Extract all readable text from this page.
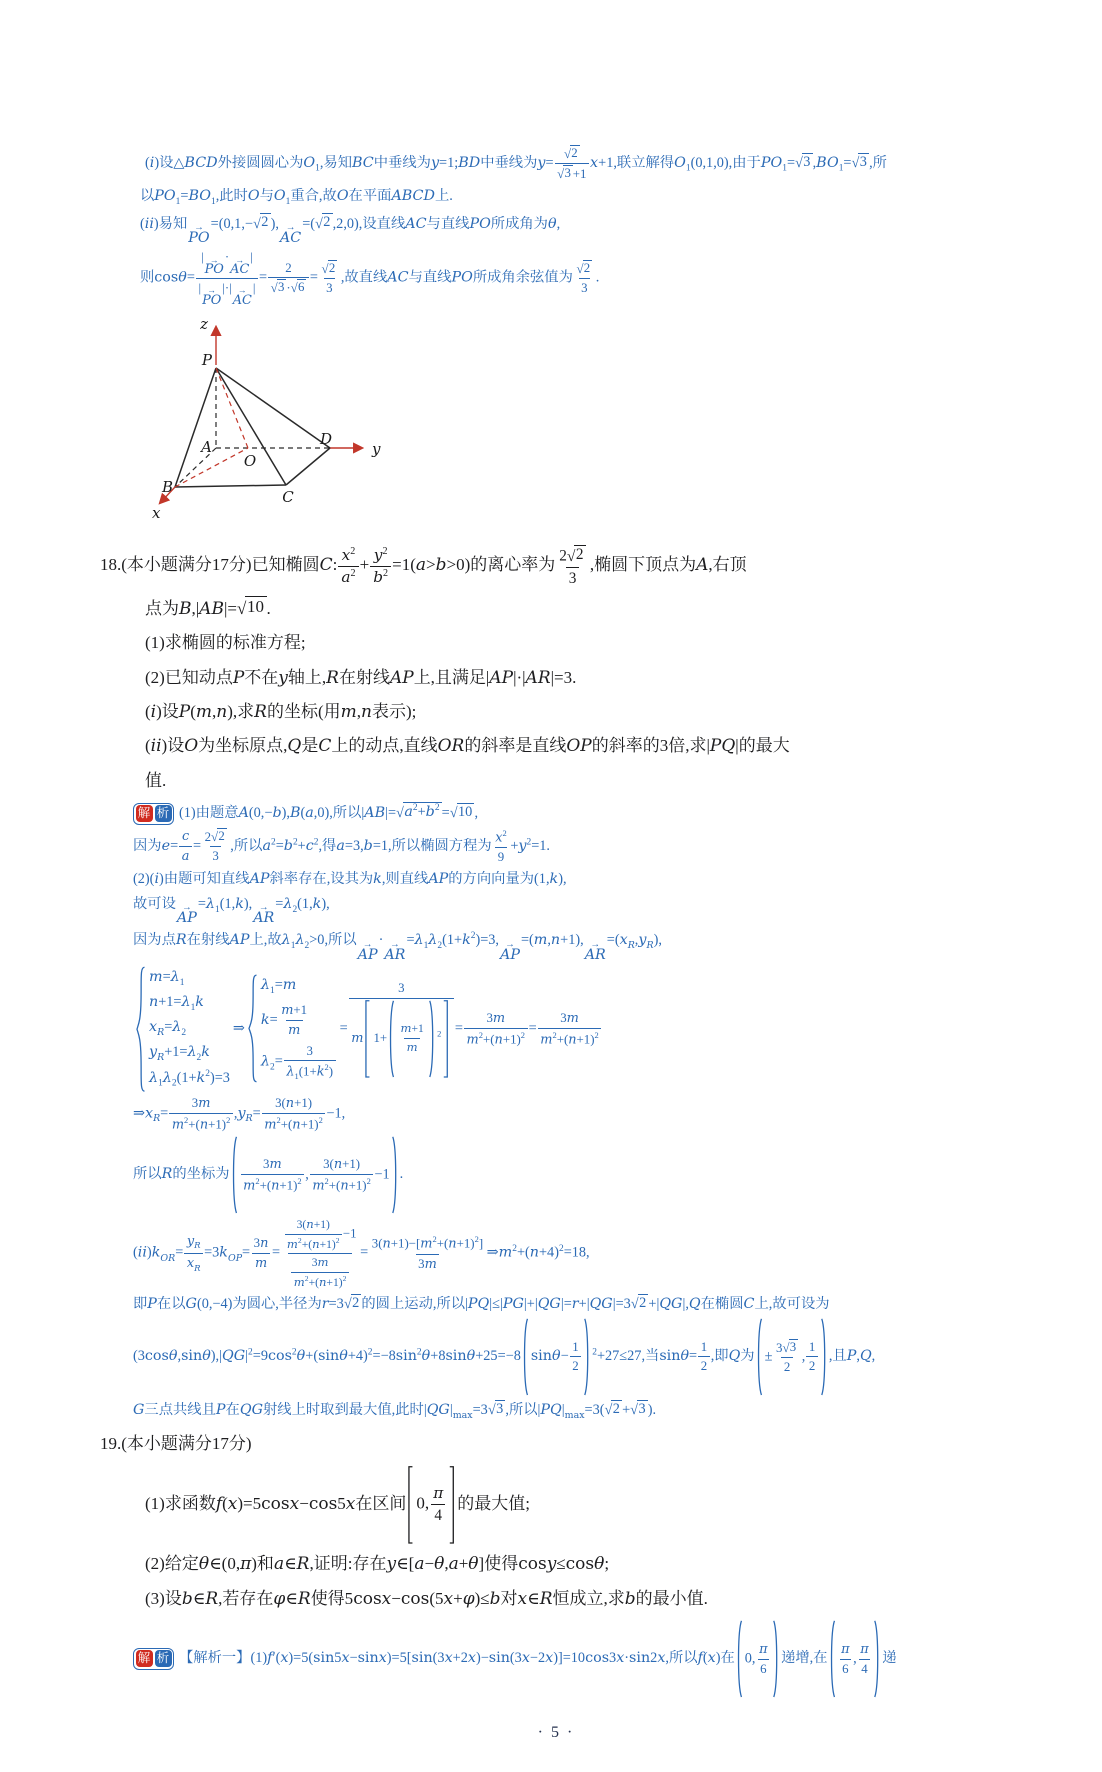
(i)设△BCD外接圆圆心为$O_1$,易知BC中垂线为y=1;BD中垂线为$y= \frac{√ 2}{√ 3 +1} x+1$,联立解得$O_1(0,1,0)$,由于$PO_1=$ √ 3 $,BO_1=$ √ 3 ,所
以$PO_1=BO_1$,此时O与$O_1$重合,故O在平面ABCD上.
(ii)易知 →
PO
=(0,1,− √ 2 ), →
AC
=( √ 2 ,2,0),设直线AC与直线PO所成角为θ,
则cosθ= | →
PO
· →
AC
|
| →
PO
|·| →
AC
| = $\frac{2}{√ 3 \cdot √ 6} = \frac{√ 2}{3}$ ,故直线AC与直线PO所成角余弦值为 $\frac{√ 2}{3}$ .
z
P
A
B
C
D
O
y
x
18.(本小题满分17分)已知椭圆C: $\frac{x^2}{a^2} + \frac{y^2}{b^2} =1(a>b>0)$的离心率为 $\frac{2 √ 2}{3}$ ,椭圆下顶点为A,右顶
点为B,|AB|= √ 10 .
(1)求椭圆的标准方程;
(2)已知动点P不在y轴上,R在射线AP上,且满足|AP|·|AR|=3.
(i)设P(m,n),求R的坐标(用m,n表示);
(ii)设O为坐标原点,Q是C上的动点,直线OR的斜率是直线OP的斜率的3倍,求|PQ|的最大
值.
解 析 (1)由题意A(0,−b),B(a,0),所以|AB|= √ $a^2+b^2$ = √ 10 ,
因为$e= \frac{c}{a} = \frac{2 √ 2}{3}$ ,所以$a^2=b^2+c^2$,得a=3,b=1,所以椭圆方程为 $\frac{x^2}{9} +y^2=1$.
(2)(i)由题可知直线AP斜率存在,设其为k,则直线AP的方向向量为(1,k),
故可设 →
AP
$=\lambda_1(1,k)$, →
AR
$=\lambda_2(1,k)$,
因为点R在射线AP上,故$\lambda_1\lambda_2>0$,所以 →
AP
· →
AR
$=\lambda_1\lambda_2(1+k^2)=3$, →
AP
=(m,n+1), →
AR
$=(x_R,y_R)$,
$m=\lambda_1$
$n+1=\lambda_1k$
$x_R=\lambda_2$
$y_R+1=\lambda_2k$
$\lambda_1\lambda_2(1+k^2)=3$
⇒
$\lambda_1=m$
$k= \frac{m+1}{m}$
$\lambda_2= \frac{3}{\lambda_1(1+k^2)}$
= $\frac{3}{m 1+ \frac{m+1}{m} ^2} = \frac{3m}{m^2+(n+1)^2} = \frac{3m}{m^2+(n+1)^2}$
$\Rightarrow x_R= \frac{3m}{m^2+(n+1)^2} ,y_R= \frac{3(n+1)}{m^2+(n+1)^2} -1$,
所以R的坐标为 $\frac{3m}{m^2+(n+1)^2}$ , $\frac{3(n+1)}{m^2+(n+1)^2} -1$ .
$(ii)k_{OR}= \frac{y_R}{x_R} =3k_{OP}= \frac{3n}{m} = \frac{\frac{3(n+1)}{m^2+(n+1)^2} -1}{\frac{3m}{m^2+(n+1)^2}} = \frac{3(n+1)-[m^2+(n+1)^2]}{3m}$ $\Rightarrow m^2+(n+4)^2=18$,
即P在以G(0,−4)为圆心,半径为r=3 √ 2 的圆上运动,所以|PQ|≤|PG|+|QG|=r+|QG|=3 √ 2 +|QG|,Q在椭圆C上,故可设为
$(3\cos\theta,\sin\theta),|QG|^2=9\cos^2\theta+(\sin\theta+4)^2=-8\sin^2\theta+8\sin\theta+25=-8$ $\sin\theta- \frac{1}{2} ^2+27\le 27$,当$\sin\theta= \frac{1}{2}$ ,即Q为 ± $\frac{3 √ 3}{2}$ , $\frac{1}{2}$ ,且P,Q,
G三点共线且P在QG射线上时取到最大值,此时$|QG|_{max}=3$ √ 3 ,所以$|PQ|_{max}=3$( √ 2 + √ 3 ).
19.(本小题满分17分)
(1)求函数f(x)=5cosx−cos5x在区间 0, $\frac{\pi}{4}$ 的最大值;
(2)给定θ∈(0,π)和a∈R,证明:存在y∈[a−θ,a+θ]使得cosy≤cosθ;
(3)设b∈R,若存在φ∈R使得5cosx−cos(5x+φ)≤b对x∈R恒成立,求b的最小值.
解 析 【解析一】(1)f′(x)=5(sin5x−sinx)=5[sin(3x+2x)−sin(3x−2x)]=10cos3x·sin2x,所以f(x)在 0, $\frac{\pi}{6}$ 递增,在 $\frac{\pi}{6}$ , $\frac{\pi}{4}$ 递
· 5 ·
